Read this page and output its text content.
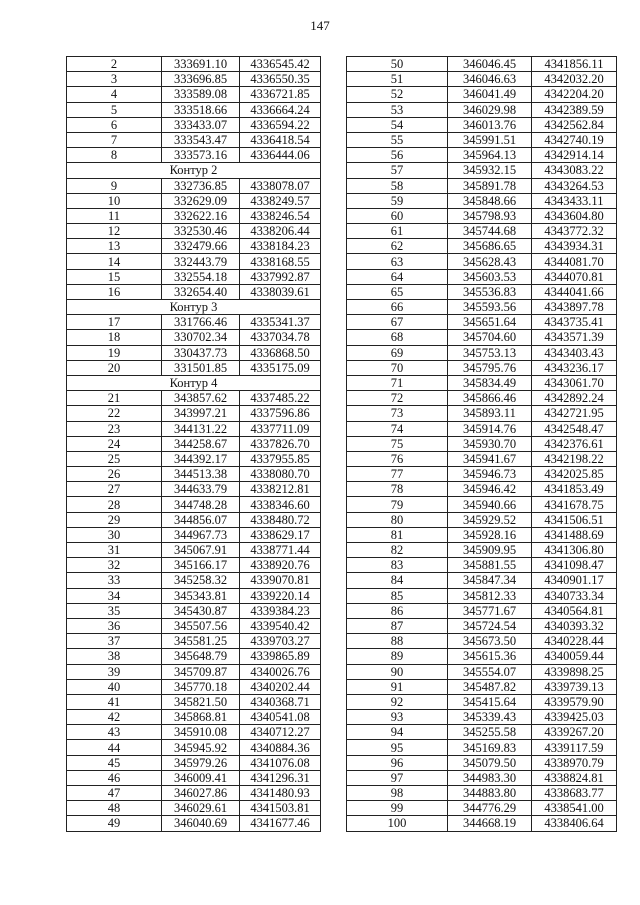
147
2	333691.10	4336545.42
3	333696.85	4336550.35
4	333589.08	4336721.85
5	333518.66	4336664.24
6	333433.07	4336594.22
7	333543.47	4336418.54
8	333573.16	4336444.06
Контур 2		
9	332736.85	4338078.07
10	332629.09	4338249.57
11	332622.16	4338246.54
12	332530.46	4338206.44
13	332479.66	4338184.23
14	332443.79	4338168.55
15	332554.18	4337992.87
16	332654.40	4338039.61
Контур 3		
17	331766.46	4335341.37
18	330702.34	4337034.78
19	330437.73	4336868.50
20	331501.85	4335175.09
Контур 4		
21	343857.62	4337485.22
22	343997.21	4337596.86
23	344131.22	4337711.09
24	344258.67	4337826.70
25	344392.17	4337955.85
26	344513.38	4338080.70
27	344633.79	4338212.81
28	344748.28	4338346.60
29	344856.07	4338480.72
30	344967.73	4338629.17
31	345067.91	4338771.44
32	345166.17	4338920.76
33	345258.32	4339070.81
34	345343.81	4339220.14
35	345430.87	4339384.23
36	345507.56	4339540.42
37	345581.25	4339703.27
38	345648.79	4339865.89
39	345709.87	4340026.76
40	345770.18	4340202.44
41	345821.50	4340368.71
42	345868.81	4340541.08
43	345910.08	4340712.27
44	345945.92	4340884.36
45	345979.26	4341076.08
46	346009.41	4341296.31
47	346027.86	4341480.93
48	346029.61	4341503.81
49	346040.69	4341677.46
50	346046.45	4341856.11
51	346046.63	4342032.20
52	346041.49	4342204.20
53	346029.98	4342389.59
54	346013.76	4342562.84
55	345991.51	4342740.19
56	345964.13	4342914.14
57	345932.15	4343083.22
58	345891.78	4343264.53
59	345848.66	4343433.11
60	345798.93	4343604.80
61	345744.68	4343772.32
62	345686.65	4343934.31
63	345628.43	4344081.70
64	345603.53	4344070.81
65	345536.83	4344041.66
66	345593.56	4343897.78
67	345651.64	4343735.41
68	345704.60	4343571.39
69	345753.13	4343403.43
70	345795.76	4343236.17
71	345834.49	4343061.70
72	345866.46	4342892.24
73	345893.11	4342721.95
74	345914.76	4342548.47
75	345930.70	4342376.61
76	345941.67	4342198.22
77	345946.73	4342025.85
78	345946.42	4341853.49
79	345940.66	4341678.75
80	345929.52	4341506.51
81	345928.16	4341488.69
82	345909.95	4341306.80
83	345881.55	4341098.47
84	345847.34	4340901.17
85	345812.33	4340733.34
86	345771.67	4340564.81
87	345724.54	4340393.32
88	345673.50	4340228.44
89	345615.36	4340059.44
90	345554.07	4339898.25
91	345487.82	4339739.13
92	345415.64	4339579.90
93	345339.43	4339425.03
94	345255.58	4339267.20
95	345169.83	4339117.59
96	345079.50	4338970.79
97	344983.30	4338824.81
98	344883.80	4338683.77
99	344776.29	4338541.00
100	344668.19	4338406.64
